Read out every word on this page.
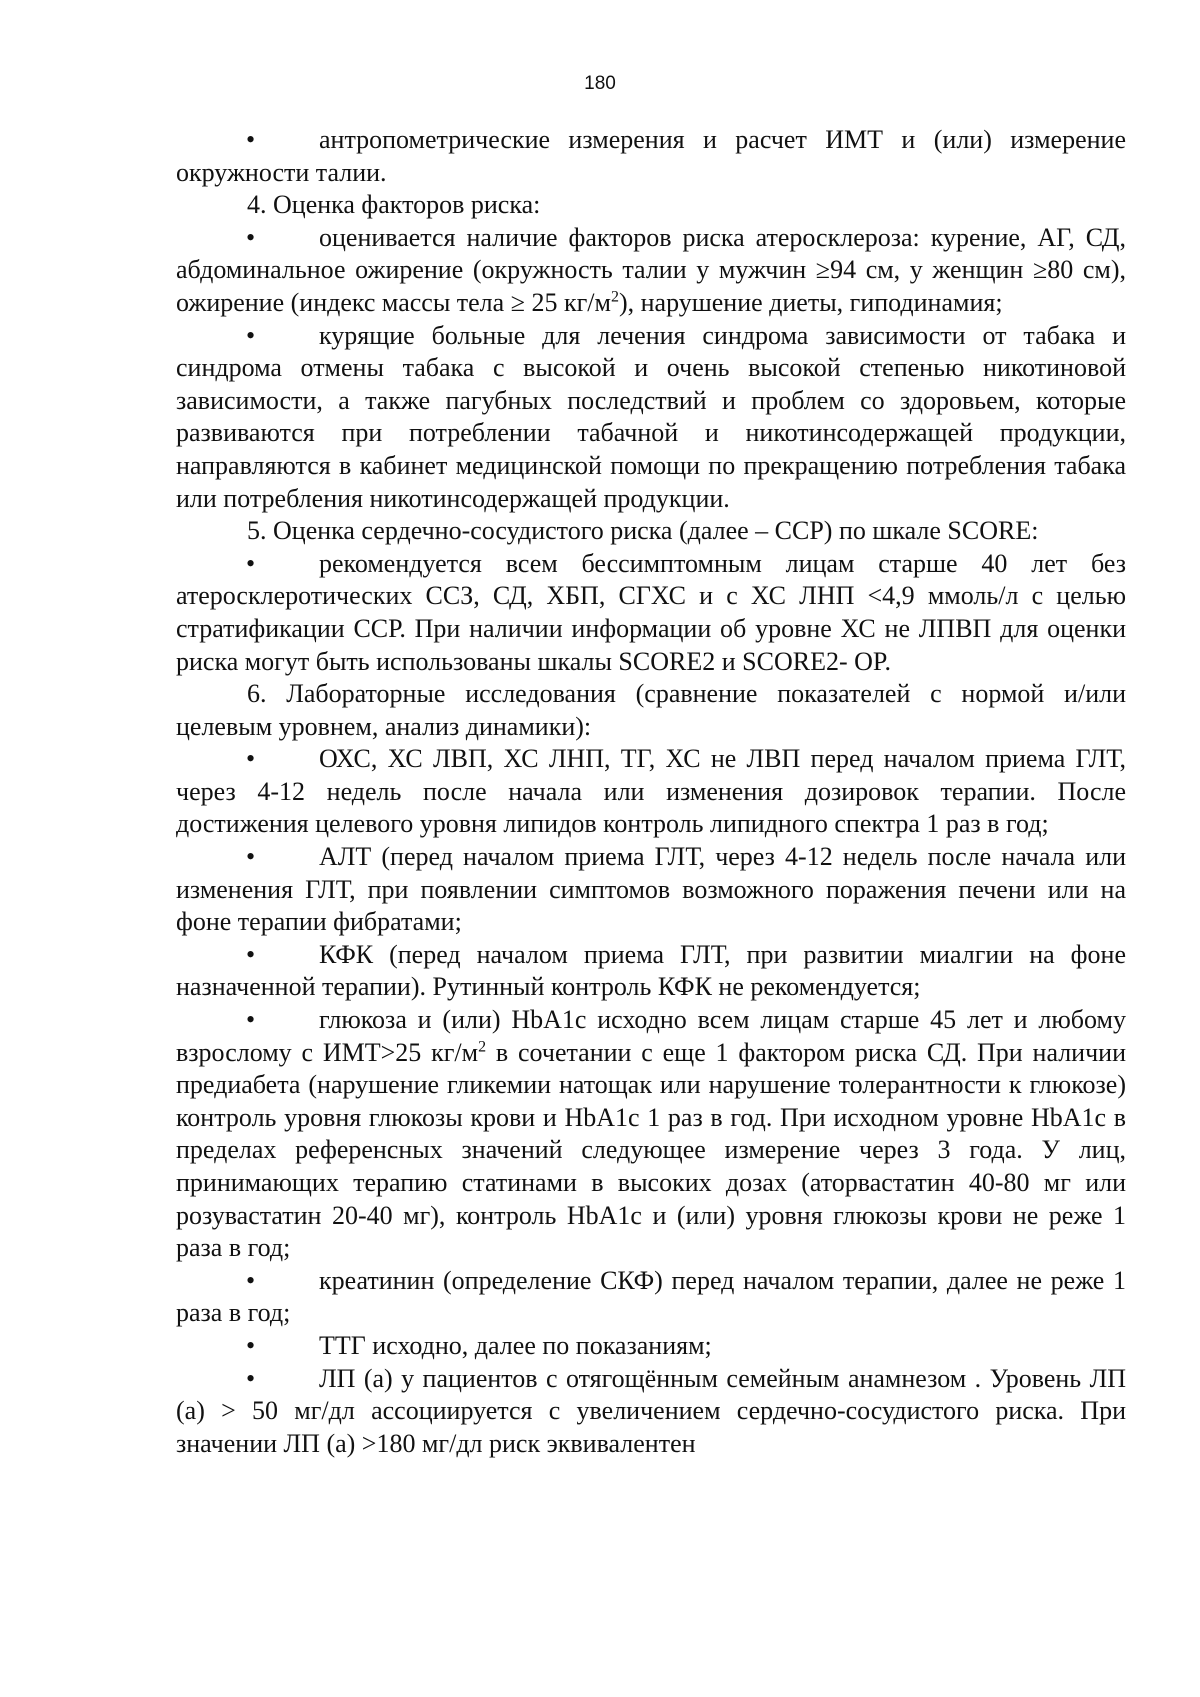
180

• антропометрические измерения и расчет ИМТ и (или) измерение окружности талии.

4. Оценка факторов риска:

• оценивается наличие факторов риска атеросклероза: курение, АГ, СД, абдоминальное ожирение (окружность талии у мужчин ≥94 см, у женщин ≥80 см), ожирение (индекс массы тела ≥ 25 $кг/м^2$), нарушение диеты, гиподинамия;

• курящие больные для лечения синдрома зависимости от табака и синдрома отмены табака с высокой и очень высокой степенью никотиновой зависимости, а также пагубных последствий и проблем со здоровьем, которые развиваются при потреблении табачной и никотинсодержащей продукции, направляются в кабинет медицинской помощи по прекращению потребления табака или потребления никотинсодержащей продукции.

5. Оценка сердечно-сосудистого риска (далее – ССР) по шкале SCORE:

• рекомендуется всем бессимптомным лицам старше 40 лет без атеросклеротических ССЗ, СД, ХБП, СГХС и с ХС ЛНП <4,9 ммоль/л с целью стратификации ССР. При наличии информации об уровне ХС не ЛПВП для оценки риска могут быть использованы шкалы SCORE2 и SCORE2- OP.

6. Лабораторные исследования (сравнение показателей с нормой и/или целевым уровнем, анализ динамики):

• ОХС, ХС ЛВП, ХС ЛНП, ТГ, ХС не ЛВП перед началом приема ГЛТ, через 4-12 недель после начала или изменения дозировок терапии. После достижения целевого уровня липидов контроль липидного спектра 1 раз в год;

• АЛТ (перед началом приема ГЛТ, через 4-12 недель после начала или изменения ГЛТ, при появлении симптомов возможного поражения печени или на фоне терапии фибратами;

• КФК (перед началом приема ГЛТ, при развитии миалгии на фоне назначенной терапии). Рутинный контроль КФК не рекомендуется;

• глюкоза и (или) HbA1c исходно всем лицам старше 45 лет и любому взрослому с ИМТ>25 $кг/м^2$ в сочетании с еще 1 фактором риска СД. При наличии предиабета (нарушение гликемии натощак или нарушение толерантности к глюкозе) контроль уровня глюкозы крови и HbA1c 1 раз в год. При исходном уровне HbA1c в пределах референсных значений следующее измерение через 3 года. У лиц, принимающих терапию статинами в высоких дозах (аторвастатин 40-80 мг или розувастатин 20-40 мг), контроль HbA1c и (или) уровня глюкозы крови не реже 1 раза в год;

• креатинин (определение СКФ) перед началом терапии, далее не реже 1 раза в год;

• ТТГ исходно, далее по показаниям;

• ЛП (а) у пациентов с отягощённым семейным анамнезом . Уровень ЛП (а) > 50 мг/дл ассоциируется с увеличением сердечно-сосудистого риска. При значении ЛП (а) >180 мг/дл риск эквивалентен
